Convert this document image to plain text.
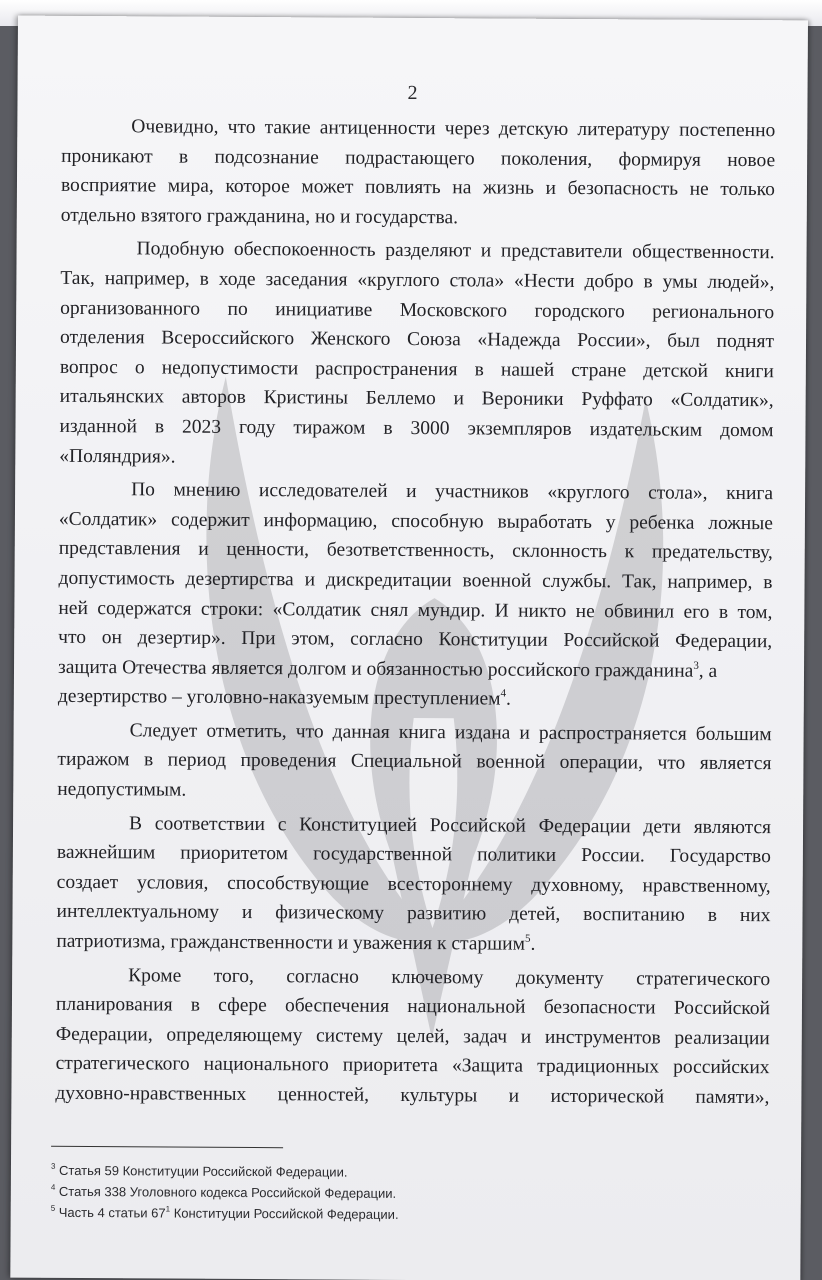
2
Очевидно, что такие антиценности через детскую литературу постепенно
проникают в подсознание подрастающего поколения, формируя новое
восприятие мира, которое может повлиять на жизнь и безопасность не только
отдельно взятого гражданина, но и государства.
Подобную обеспокоенность разделяют и представители общественности.
Так, например, в ходе заседания «круглого стола» «Нести добро в умы людей»,
организованного по инициативе Московского городского регионального
отделения Всероссийского Женского Союза «Надежда России», был поднят
вопрос о недопустимости распространения в нашей стране детской книги
итальянских авторов Кристины Беллемо и Вероники Руффато «Солдатик»,
изданной в 2023 году тиражом в 3000 экземпляров издательским домом
«Поляндрия».
По мнению исследователей и участников «круглого стола», книга
«Солдатик» содержит информацию, способную выработать у ребенка ложные
представления и ценности, безответственность, склонность к предательству,
допустимость дезертирства и дискредитации военной службы. Так, например, в
ней содержатся строки: «Солдатик снял мундир. И никто не обвинил его в том,
что он дезертир». При этом, согласно Конституции Российской Федерации,
защита Отечества является долгом и обязанностью российского гражданина$^3$, а
дезертирство – уголовно-наказуемым преступлением$^4$.
Следует отметить, что данная книга издана и распространяется большим
тиражом в период проведения Специальной военной операции, что является
недопустимым.
В соответствии с Конституцией Российской Федерации дети являются
важнейшим приоритетом государственной политики России. Государство
создает условия, способствующие всестороннему духовному, нравственному,
интеллектуальному и физическому развитию детей, воспитанию в них
патриотизма, гражданственности и уважения к старшим$^5$.
Кроме того, согласно ключевому документу стратегического
планирования в сфере обеспечения национальной безопасности Российской
Федерации, определяющему систему целей, задач и инструментов реализации
стратегического национального приоритета «Защита традиционных российских
духовно-нравственных ценностей, культуры и исторической памяти»,
$^3$ Статья 59 Конституции Российской Федерации.
$^4$ Статья 338 Уголовного кодекса Российской Федерации.
$^5$ Часть 4 статьи $67^1$ Конституции Российской Федерации.
